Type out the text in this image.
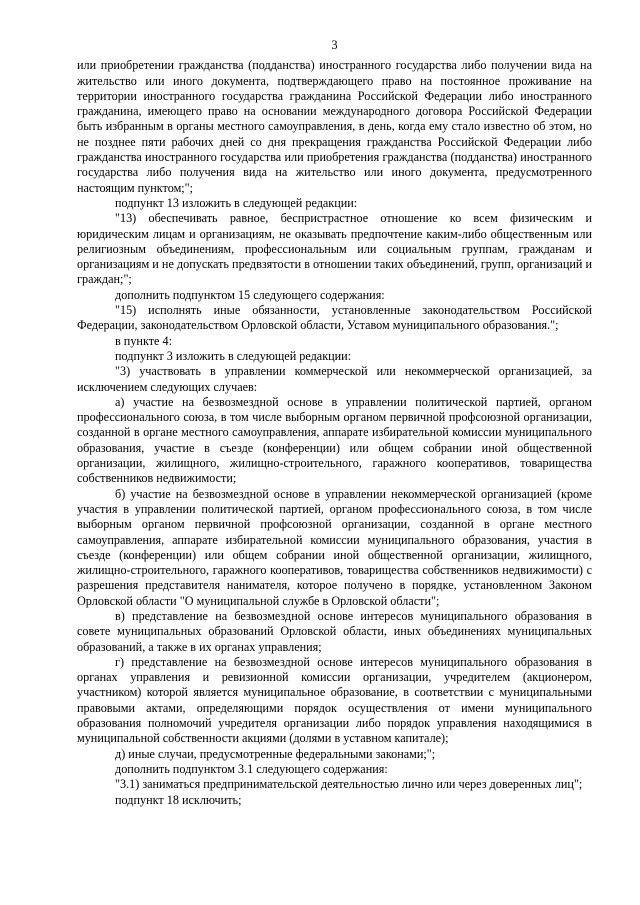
3

или приобретении гражданства (подданства) иностранного государства либо получении вида на жительство или иного документа, подтверждающего право на постоянное проживание на территории иностранного государства гражданина Российской Федерации либо иностранного гражданина, имеющего право на основании международного договора Российской Федерации быть избранным в органы местного самоуправления, в день, когда ему стало известно об этом, но не позднее пяти рабочих дней со дня прекращения гражданства Российской Федерации либо гражданства иностранного государства или приобретения гражданства (подданства) иностранного государства либо получения вида на жительство или иного документа, предусмотренного настоящим пунктом;";

подпункт 13 изложить в следующей редакции:

"13) обеспечивать равное, беспристрастное отношение ко всем физическим и юридическим лицам и организациям, не оказывать предпочтение каким-либо общественным или религиозным объединениям, профессиональным или социальным группам, гражданам и организациям и не допускать предвзятости в отношении таких объединений, групп, организаций и граждан;";

дополнить подпунктом 15 следующего содержания:

"15) исполнять иные обязанности, установленные законодательством Российской Федерации, законодательством Орловской области, Уставом муниципального образования.";

в пункте 4:

подпункт 3 изложить в следующей редакции:

"3) участвовать в управлении коммерческой или некоммерческой организацией, за исключением следующих случаев:

а) участие на безвозмездной основе в управлении политической партией, органом профессионального союза, в том числе выборным органом первичной профсоюзной организации, созданной в органе местного самоуправления, аппарате избирательной комиссии муниципального образования, участие в съезде (конференции) или общем собрании иной общественной организации, жилищного, жилищно-строительного, гаражного кооперативов, товарищества собственников недвижимости;

б) участие на безвозмездной основе в управлении некоммерческой организацией (кроме участия в управлении политической партией, органом профессионального союза, в том числе выборным органом первичной профсоюзной организации, созданной в органе местного самоуправления, аппарате избирательной комиссии муниципального образования, участия в съезде (конференции) или общем собрании иной общественной организации, жилищного, жилищно-строительного, гаражного кооперативов, товарищества собственников недвижимости) с разрешения представителя нанимателя, которое получено в порядке, установленном Законом Орловской области "О муниципальной службе в Орловской области";

в) представление на безвозмездной основе интересов муниципального образования в совете муниципальных образований Орловской области, иных объединениях муниципальных образований, а также в их органах управления;

г) представление на безвозмездной основе интересов муниципального образования в органах управления и ревизионной комиссии организации, учредителем (акционером, участником) которой является муниципальное образование, в соответствии с муниципальными правовыми актами, определяющими порядок осуществления от имени муниципального образования полномочий учредителя организации либо порядок управления находящимися в муниципальной собственности акциями (долями в уставном капитале);

д) иные случаи, предусмотренные федеральными законами;";

дополнить подпунктом 3.1 следующего содержания:

"3.1) заниматься предпринимательской деятельностью лично или через доверенных лиц";

подпункт 18 исключить;
